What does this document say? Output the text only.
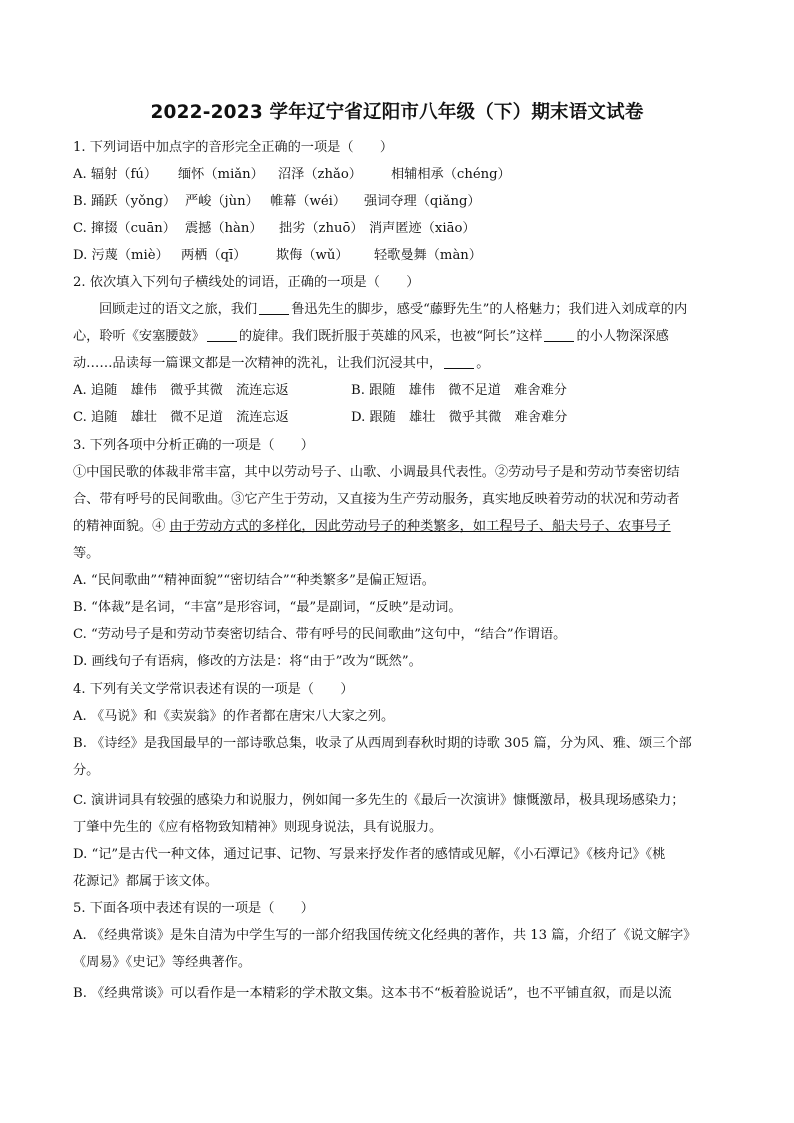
2022-2023 学年辽宁省辽阳市八年级（下）期末语文试卷
1. 下列词语中加点字的音形完全正确的一项是（　　）
A. 辐射（fú） 缅怀（miǎn） 沼泽（zhǎo） 相辅相承（chéng）
B. 踊跃（yǒng） 严峻（jùn） 帷幕（wéi） 强词夺理（qiǎng）
C. 撺掇（cuān） 震撼（hàn） 拙劣（zhuō） 消声匿迹（xiāo）
D. 污蔑（miè） 两栖（qī） 欺侮（wǔ） 轻歌曼舞（màn）
2. 依次填入下列句子横线处的词语，正确的一项是（　　）
回顾走过的语文之旅，我们	鲁迅先生的脚步，感受“藤野先生”的人格魅力；我们进入刘成章的内
心，聆听《安塞腰鼓》	的旋律。我们既折服于英雄的风采，也被“阿长”这样	的小人物深深感
动……品读每一篇课文都是一次精神的洗礼，让我们沉浸其中，	。
A. 追随　雄伟　微乎其微　流连忘返	B. 跟随　雄伟　微不足道　难舍难分
C. 追随　雄壮　微不足道　流连忘返	D. 跟随　雄壮　微乎其微　难舍难分
3. 下列各项中分析正确的一项是（　　）
①中国民歌的体裁非常丰富，其中以劳动号子、山歌、小调最具代表性。②劳动号子是和劳动节奏密切结
合、带有呼号的民间歌曲。③它产生于劳动，又直接为生产劳动服务，真实地反映着劳动的状况和劳动者
的精神面貌。④ 由于劳动方式的多样化，因此劳动号子的种类繁多，如工程号子、船夫号子、农事号子
等。
A. “民间歌曲”“精神面貌”“密切结合”“种类繁多”是偏正短语。
B. “体裁”是名词，“丰富”是形容词，“最”是副词，“反映”是动词。
C. “劳动号子是和劳动节奏密切结合、带有呼号的民间歌曲”这句中，“结合”作谓语。
D. 画线句子有语病，修改的方法是：将“由于”改为“既然”。
4. 下列有关文学常识表述有误的一项是（　　）
A. 《马说》和《卖炭翁》的作者都在唐宋八大家之列。
B. 《诗经》是我国最早的一部诗歌总集，收录了从西周到春秋时期的诗歌 305 篇，分为风、雅、颂三个部
分。
C. 演讲词具有较强的感染力和说服力，例如闻一多先生的《最后一次演讲》慷慨激昂，极具现场感染力；
丁肇中先生的《应有格物致知精神》则现身说法，具有说服力。
D. “记”是古代一种文体，通过记事、记物、写景来抒发作者的感情或见解，《小石潭记》《核舟记》《桃
花源记》都属于该文体。
5. 下面各项中表述有误的一项是（　　）
A. 《经典常谈》是朱自清为中学生写的一部介绍我国传统文化经典的著作，共 13 篇，介绍了《说文解字》
《周易》《史记》等经典著作。
B. 《经典常谈》可以看作是一本精彩的学术散文集。这本书不“板着脸说话”，也不平铺直叙，而是以流
